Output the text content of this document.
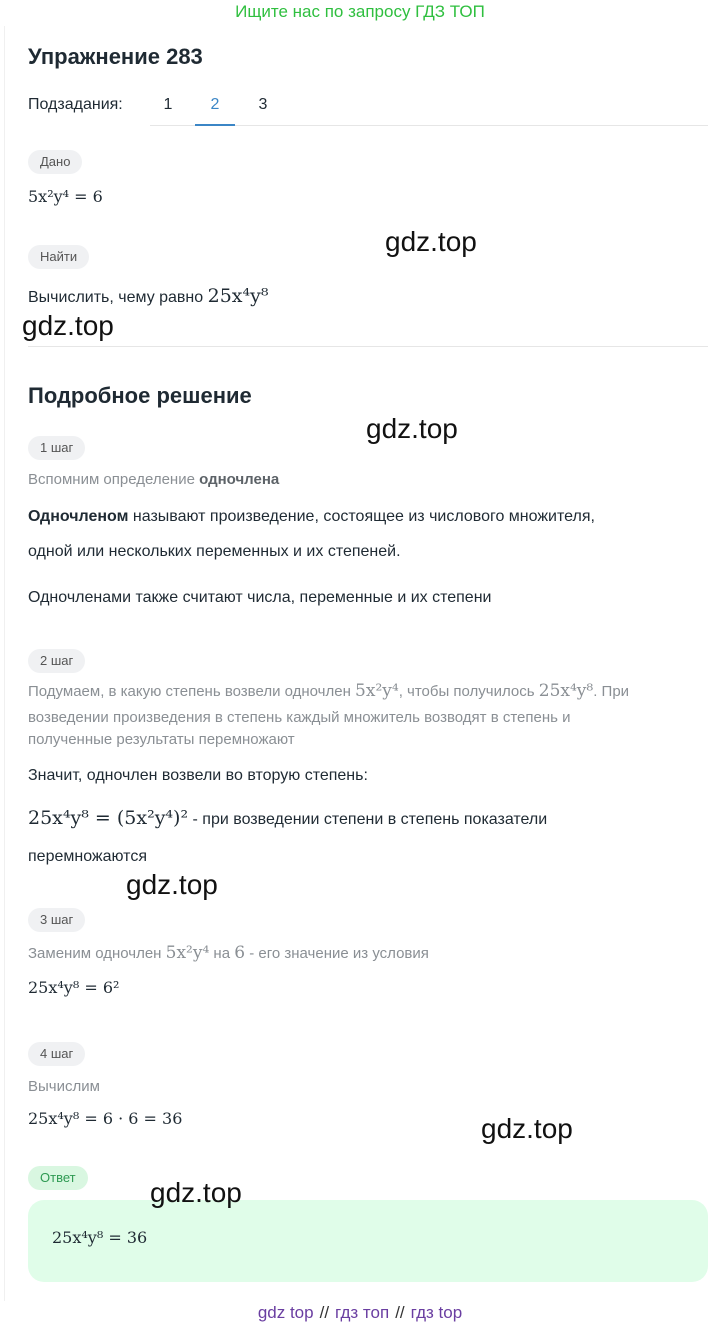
Ищите нас по запросу ГДЗ ТОП
Упражнение 283
Подзадания:	1	2	3
Дано
5x²y⁴ = 6
Найти
Вычислить, чему равно 25x⁴y⁸
Подробное решение
1 шаг
Вспомним определение одночлена
Одночленом называют произведение, состоящее из числового множителя,
одной или нескольких переменных и их степеней.
Одночленами также считают числа, переменные и их степени
2 шаг
Подумаем, в какую степень возвели одночлен 5x²y⁴, чтобы получилось 25x⁴y⁸. При
возведении произведения в степень каждый множитель возводят в степень и
полученные результаты перемножают
Значит, одночлен возвели во вторую степень:
25x⁴y⁸ = (5x²y⁴)² - при возведении степени в степень показатели
перемножаются
3 шаг
Заменим одночлен 5x²y⁴ на 6 - его значение из условия
25x⁴y⁸ = 6²
4 шаг
Вычислим
25x⁴y⁸ = 6 · 6 = 36
Ответ
25x⁴y⁸ = 36
gdz.top
gdz.top
gdz.top
gdz.top
gdz.top
gdz.top
gdz top // гдз топ // гдз top
